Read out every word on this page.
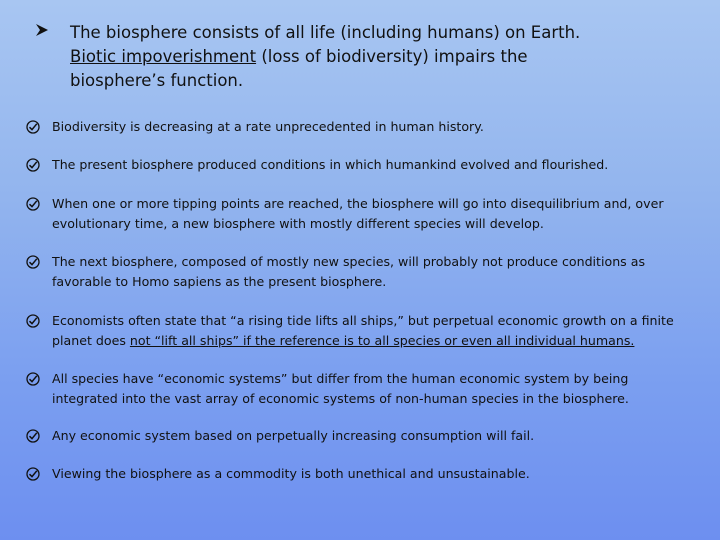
The biosphere consists of all life (including humans) on Earth.
Biotic impoverishment (loss of biodiversity) impairs the
biosphere’s function.
Biodiversity is decreasing at a rate unprecedented in human history.
The present biosphere produced conditions in which humankind evolved and flourished.
When one or more tipping points are reached, the biosphere will go into disequilibrium and, over
evolutionary time, a new biosphere with mostly different species will develop.
The next biosphere, composed of mostly new species, will probably not produce conditions as
favorable to Homo sapiens as the present biosphere.
Economists often state that “a rising tide lifts all ships,” but perpetual economic growth on a finite
planet does not “lift all ships” if the reference is to all species or even all individual humans.
All species have “economic systems” but differ from the human economic system by being
integrated into the vast array of economic systems of non-human species in the biosphere.
Any economic system based on perpetually increasing consumption will fail.
Viewing the biosphere as a commodity is both unethical and unsustainable.
